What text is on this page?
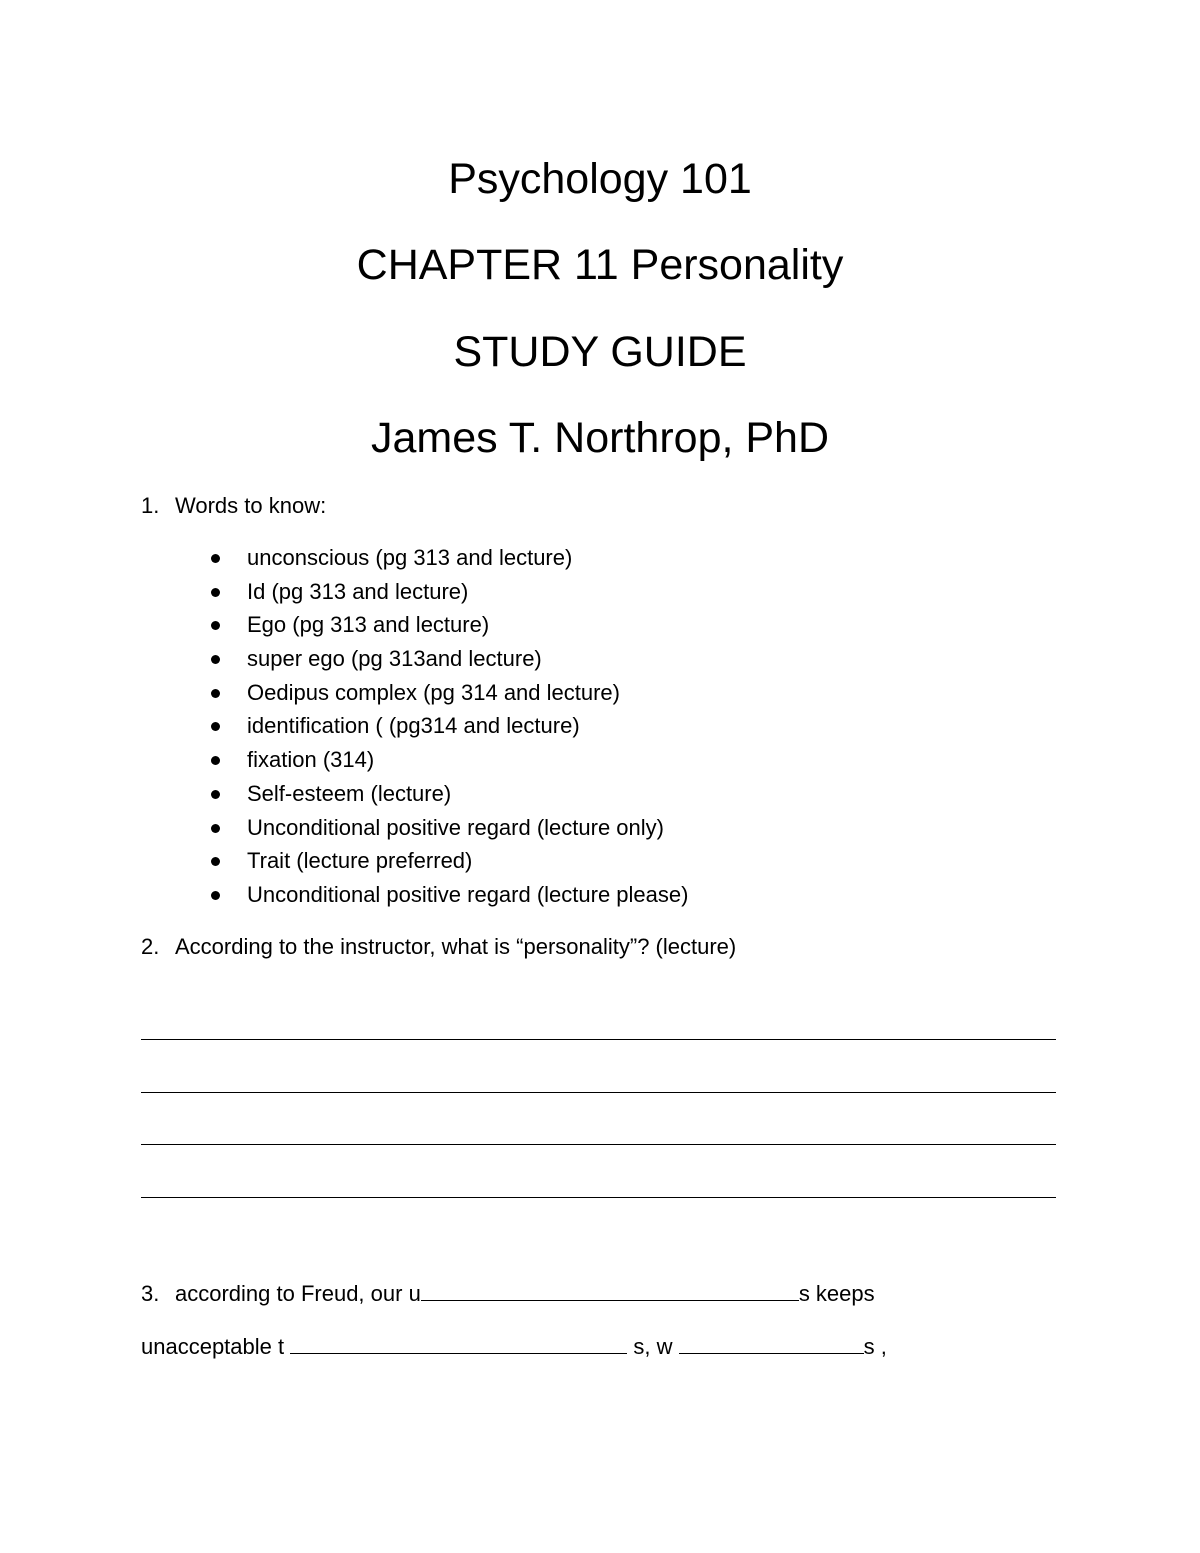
Psychology 101
CHAPTER 11 Personality
STUDY GUIDE
James T. Northrop, PhD
1. Words to know:
unconscious (pg 313 and lecture)
Id (pg 313 and lecture)
Ego (pg 313 and lecture)
super ego (pg 313and lecture)
Oedipus complex (pg 314 and lecture)
identification ( (pg314 and lecture)
fixation (314)
Self-esteem (lecture)
Unconditional positive regard (lecture only)
Trait (lecture preferred)
Unconditional positive regard (lecture please)
2. According to the instructor, what is “personality”? (lecture)
3. according to Freud, our u	s keeps
unacceptable t	s, w	s ,
